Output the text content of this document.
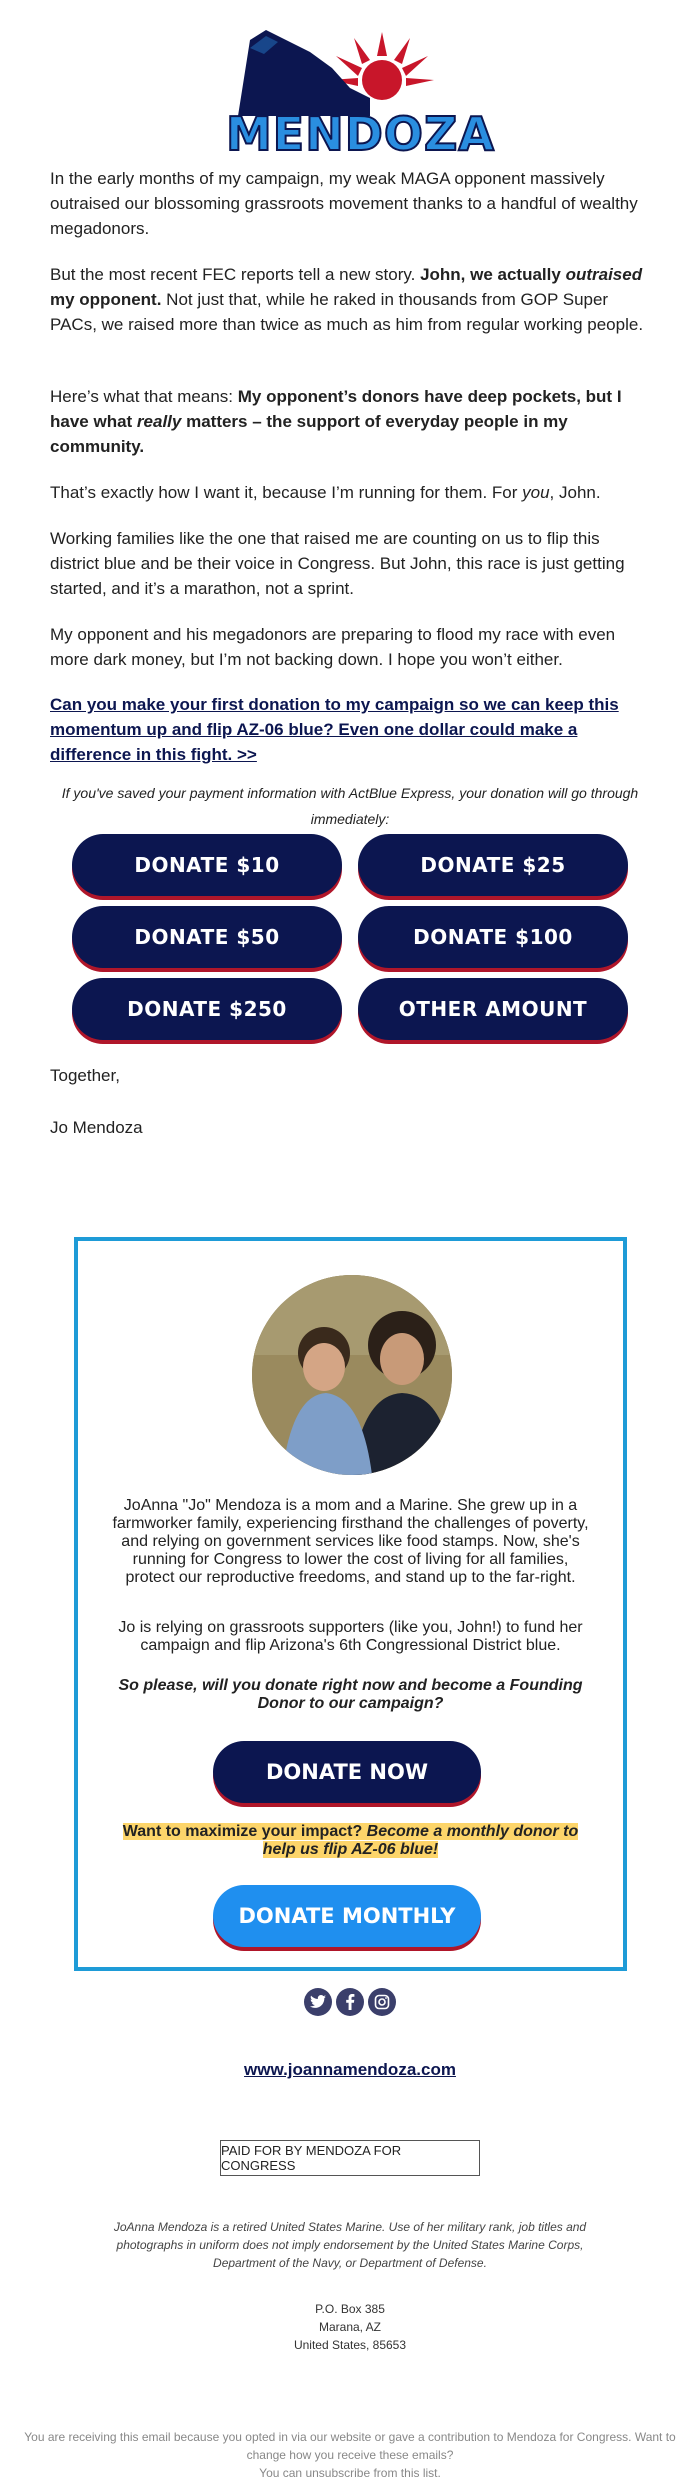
MENDOZA

In the early months of my campaign, my weak MAGA opponent massively outraised our blossoming grassroots movement thanks to a handful of wealthy megadonors.

But the most recent FEC reports tell a new story. John, we actually outraised my opponent. Not just that, while he raked in thousands from GOP Super PACs, we raised more than twice as much as him from regular working people.

Here’s what that means: My opponent’s donors have deep pockets, but I have what really matters – the support of everyday people in my community.

That’s exactly how I want it, because I’m running for them. For you, John.

Working families like the one that raised me are counting on us to flip this district blue and be their voice in Congress. But John, this race is just getting started, and it’s a marathon, not a sprint.

My opponent and his megadonors are preparing to flood my race with even more dark money, but I’m not backing down. I hope you won’t either.

Can you make your first donation to my campaign so we can keep this momentum up and flip AZ-06 blue? Even one dollar could make a difference in this fight. >>

If you've saved your payment information with ActBlue Express, your donation will go through immediately:

DONATE $10	DONATE $25
DONATE $50	DONATE $100
DONATE $250	OTHER AMOUNT

Together,

Jo Mendoza

JoAnna "Jo" Mendoza is a mom and a Marine. She grew up in a farmworker family, experiencing firsthand the challenges of poverty, and relying on government services like food stamps. Now, she's running for Congress to lower the cost of living for all families, protect our reproductive freedoms, and stand up to the far-right.

Jo is relying on grassroots supporters (like you, John!) to fund her campaign and flip Arizona's 6th Congressional District blue.

So please, will you donate right now and become a Founding Donor to our campaign?

DONATE NOW

Want to maximize your impact? Become a monthly donor to help us flip AZ-06 blue!

DONATE MONTHLY
www.joannamendoza.com
PAID FOR BY MENDOZA FOR CONGRESS

JoAnna Mendoza is a retired United States Marine. Use of her military rank, job titles and photographs in uniform does not imply endorsement by the United States Marine Corps, Department of the Navy, or Department of Defense.

P.O. Box 385

Marana, AZ

United States, 85653

You are receiving this email because you opted in via our website or gave a contribution to Mendoza for Congress. Want to change how you receive these emails?

You can unsubscribe from this list.
